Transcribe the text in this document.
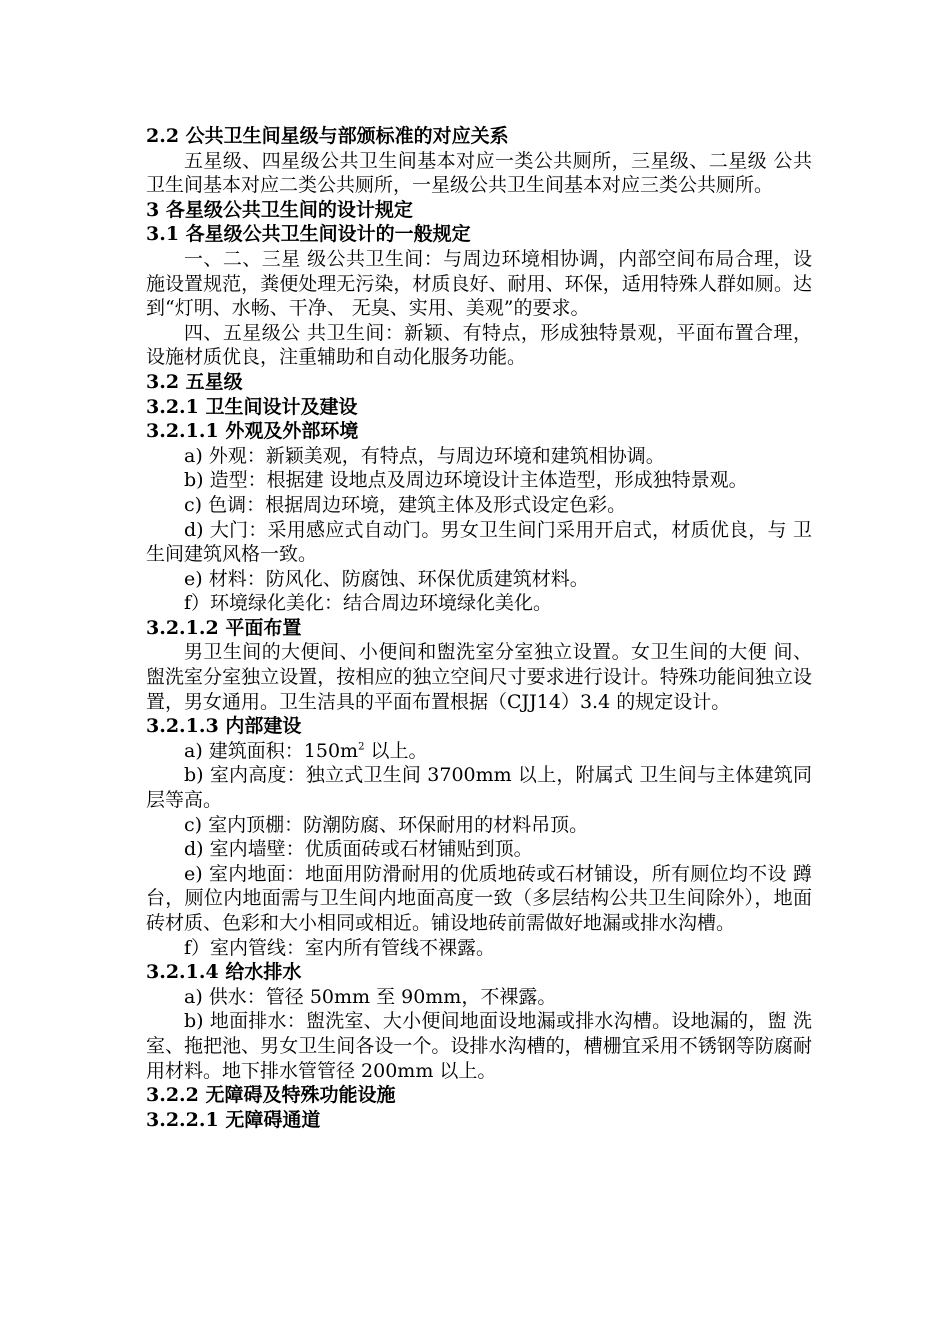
2.2 公共卫生间星级与部颁标准的对应关系

五星级、四星级公共卫生间基本对应一类公共厕所，三星级、二星级 公共卫生间基本对应二类公共厕所，一星级公共卫生间基本对应三类公共厕所。

3 各星级公共卫生间的设计规定

3.1 各星级公共卫生间设计的一般规定

一、二、三星 级公共卫生间：与周边环境相协调，内部空间布局合理，设施设置规范，粪便处理无污染，材质良好、耐用、环保，适用特殊人群如厕。达到“灯明、水畅、干净、 无臭、实用、美观”的要求。

四、五星级公 共卫生间：新颖、有特点，形成独特景观，平面布置合理，设施材质优良，注重辅助和自动化服务功能。

3.2 五星级

3.2.1 卫生间设计及建设

3.2.1.1 外观及外部环境

a) 外观：新颖美观，有特点，与周边环境和建筑相协调。

b) 造型：根据建 设地点及周边环境设计主体造型，形成独特景观。

c) 色调：根据周边环境，建筑主体及形式设定色彩。

d) 大门：采用感应式自动门。男女卫生间门采用开启式，材质优良，与 卫生间建筑风格一致。

e) 材料：防风化、防腐蚀、环保优质建筑材料。

f）环境绿化美化：结合周边环境绿化美化。

3.2.1.2 平面布置

男卫生间的大便间、小便间和盥洗室分室独立设置。女卫生间的大便 间、盥洗室分室独立设置，按相应的独立空间尺寸要求进行设计。特殊功能间独立设置，男女通用。卫生洁具的平面布置根据（CJJ14）3.4 的规定设计。

3.2.1.3 内部建设

a) 建筑面积：$150m^2$ 以上。

b) 室内高度：独立式卫生间 3700mm 以上，附属式 卫生间与主体建筑同层等高。

c) 室内顶棚：防潮防腐、环保耐用的材料吊顶。

d) 室内墙壁：优质面砖或石材铺贴到顶。

e) 室内地面：地面用防滑耐用的优质地砖或石材铺设，所有厕位均不设 蹲台，厕位内地面需与卫生间内地面高度一致（多层结构公共卫生间除外），地面砖材质、色彩和大小相同或相近。铺设地砖前需做好地漏或排水沟槽。

f）室内管线：室内所有管线不裸露。

3.2.1.4 给水排水

a) 供水：管径 50mm 至 90mm，不裸露。

b) 地面排水：盥洗室、大小便间地面设地漏或排水沟槽。设地漏的，盥 洗室、拖把池、男女卫生间各设一个。设排水沟槽的，槽栅宜采用不锈钢等防腐耐用材料。地下排水管管径 200mm 以上。

3.2.2 无障碍及特殊功能设施

3.2.2.1 无障碍通道
